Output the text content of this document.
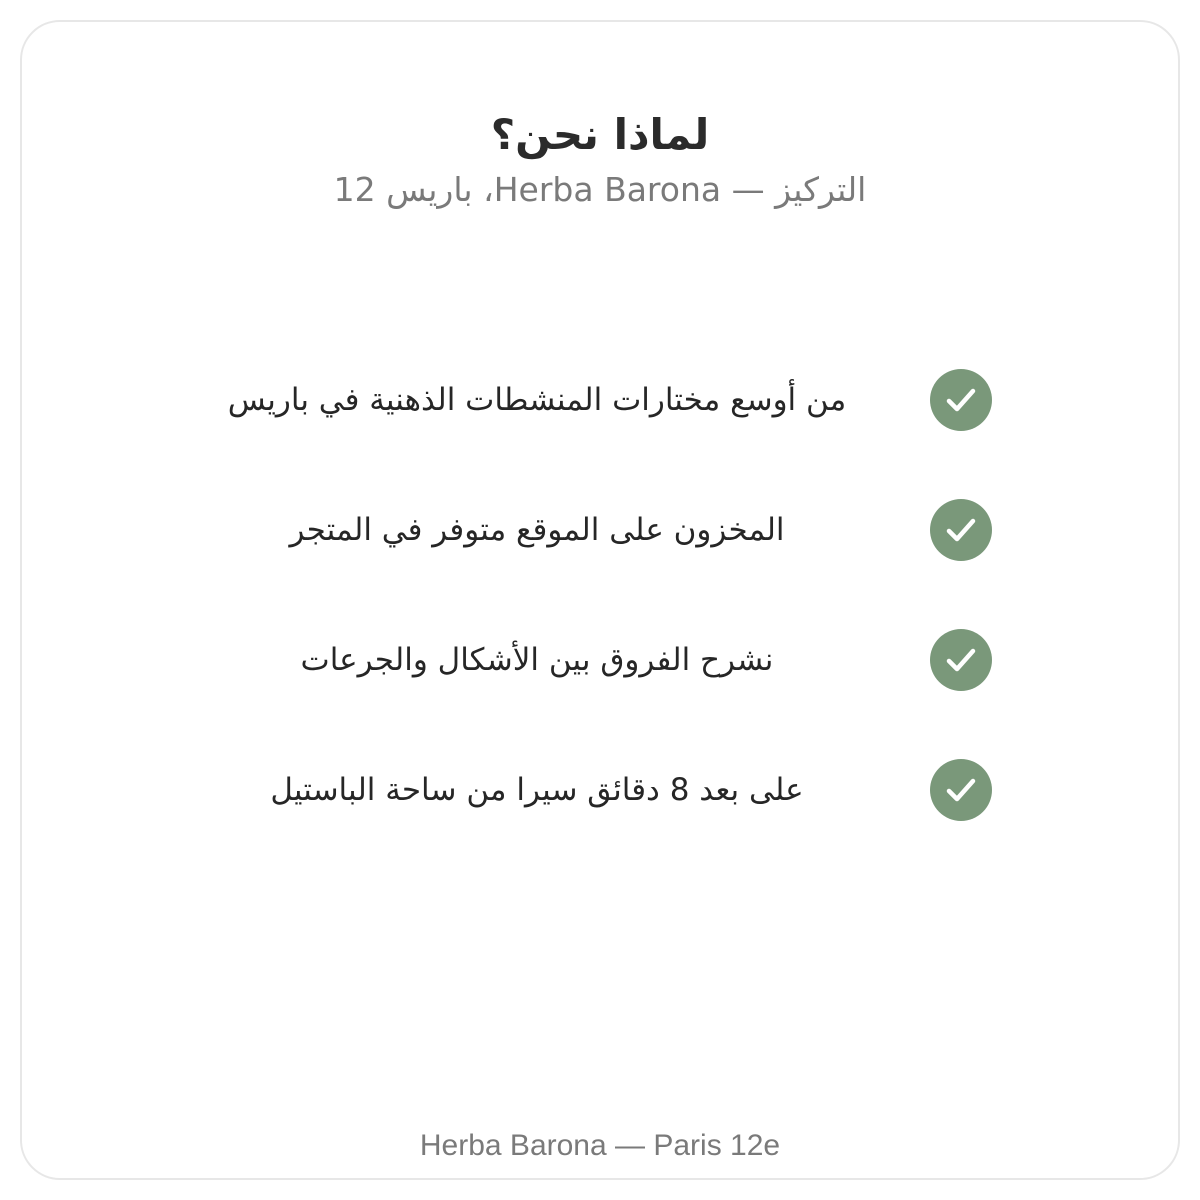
لماذا نحن؟

التركيز — Herba Barona، باريس 12

من أوسع مختارات المنشطات الذهنية في باريس
المخزون على الموقع متوفر في المتجر
نشرح الفروق بين الأشكال والجرعات
على بعد 8 دقائق سيرا من ساحة الباستيل
Herba Barona — Paris 12e
